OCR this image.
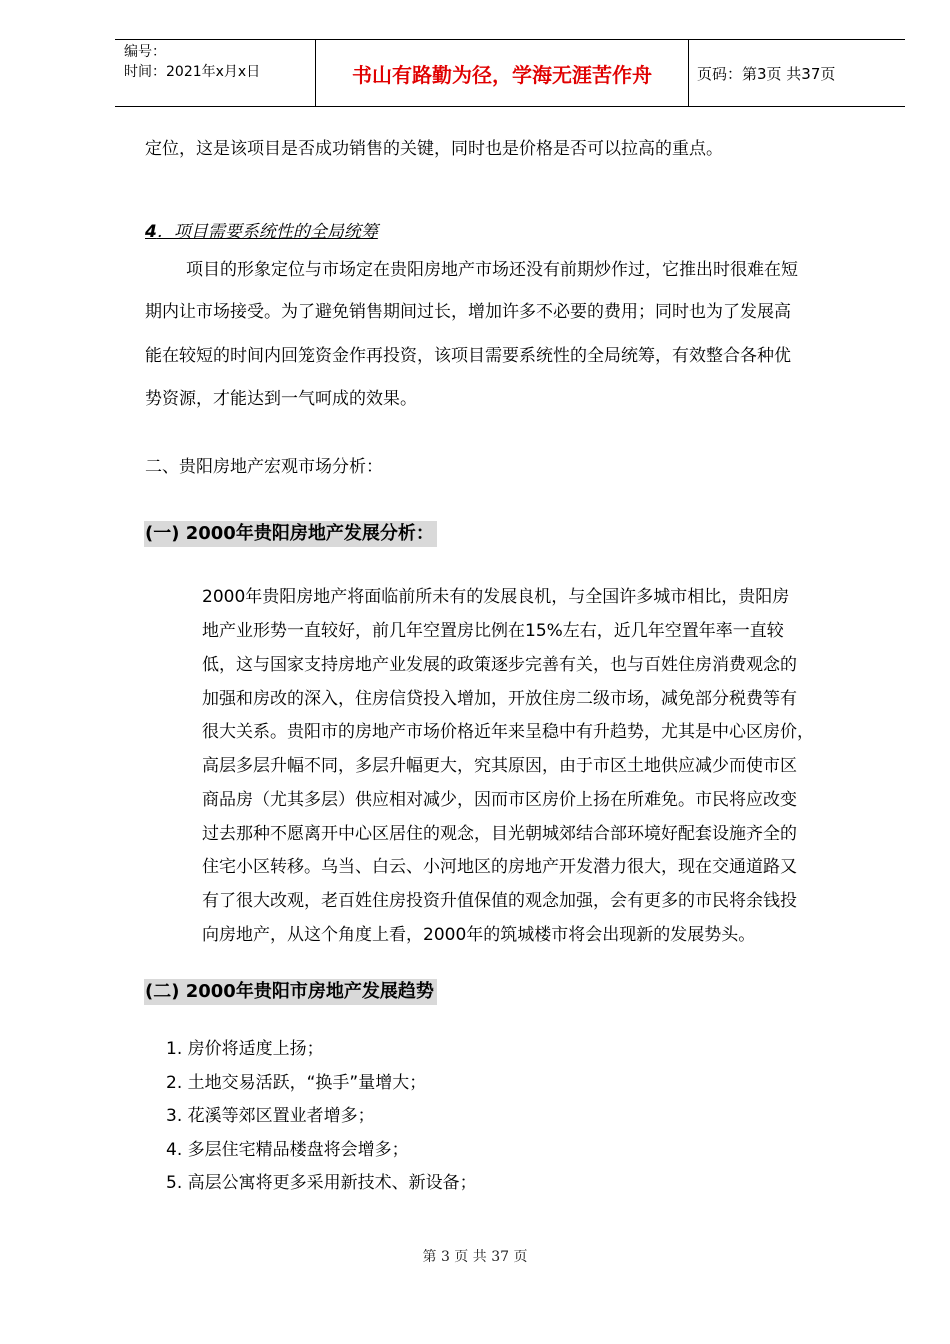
编号：
时间：2021年x月x日	书山有路勤为径，学海无涯苦作舟	页码：第3页 共37页
定位，这是该项目是否成功销售的关键，同时也是价格是否可以拉高的重点。
4．项目需要系统性的全局统筹
项目的形象定位与市场定在贵阳房地产市场还没有前期炒作过，它推出时很难在短
期内让市场接受。为了避免销售期间过长，增加许多不必要的费用；同时也为了发展高
能在较短的时间内回笼资金作再投资，该项目需要系统性的全局统筹，有效整合各种优
势资源，才能达到一气呵成的效果。
二、贵阳房地产宏观市场分析：
(一) 2000年贵阳房地产发展分析：
2000年贵阳房地产将面临前所未有的发展良机，与全国许多城市相比，贵阳房
地产业形势一直较好，前几年空置房比例在15%左右，近几年空置年率一直较
低，这与国家支持房地产业发展的政策逐步完善有关，也与百姓住房消费观念的
加强和房改的深入，住房信贷投入增加，开放住房二级市场，减免部分税费等有
很大关系。贵阳市的房地产市场价格近年来呈稳中有升趋势，尤其是中心区房价，
高层多层升幅不同，多层升幅更大，究其原因，由于市区土地供应减少而使市区
商品房（尤其多层）供应相对减少，因而市区房价上扬在所难免。市民将应改变
过去那种不愿离开中心区居住的观念，目光朝城郊结合部环境好配套设施齐全的
住宅小区转移。乌当、白云、小河地区的房地产开发潜力很大，现在交通道路又
有了很大改观，老百姓住房投资升值保值的观念加强，会有更多的市民将余钱投
向房地产，从这个角度上看，2000年的筑城楼市将会出现新的发展势头。
(二) 2000年贵阳市房地产发展趋势
1. 房价将适度上扬；
2. 土地交易活跃，“换手”量增大；
3. 花溪等郊区置业者增多；
4. 多层住宅精品楼盘将会增多；
5. 高层公寓将更多采用新技术、新设备；
第 3 页 共 37 页
